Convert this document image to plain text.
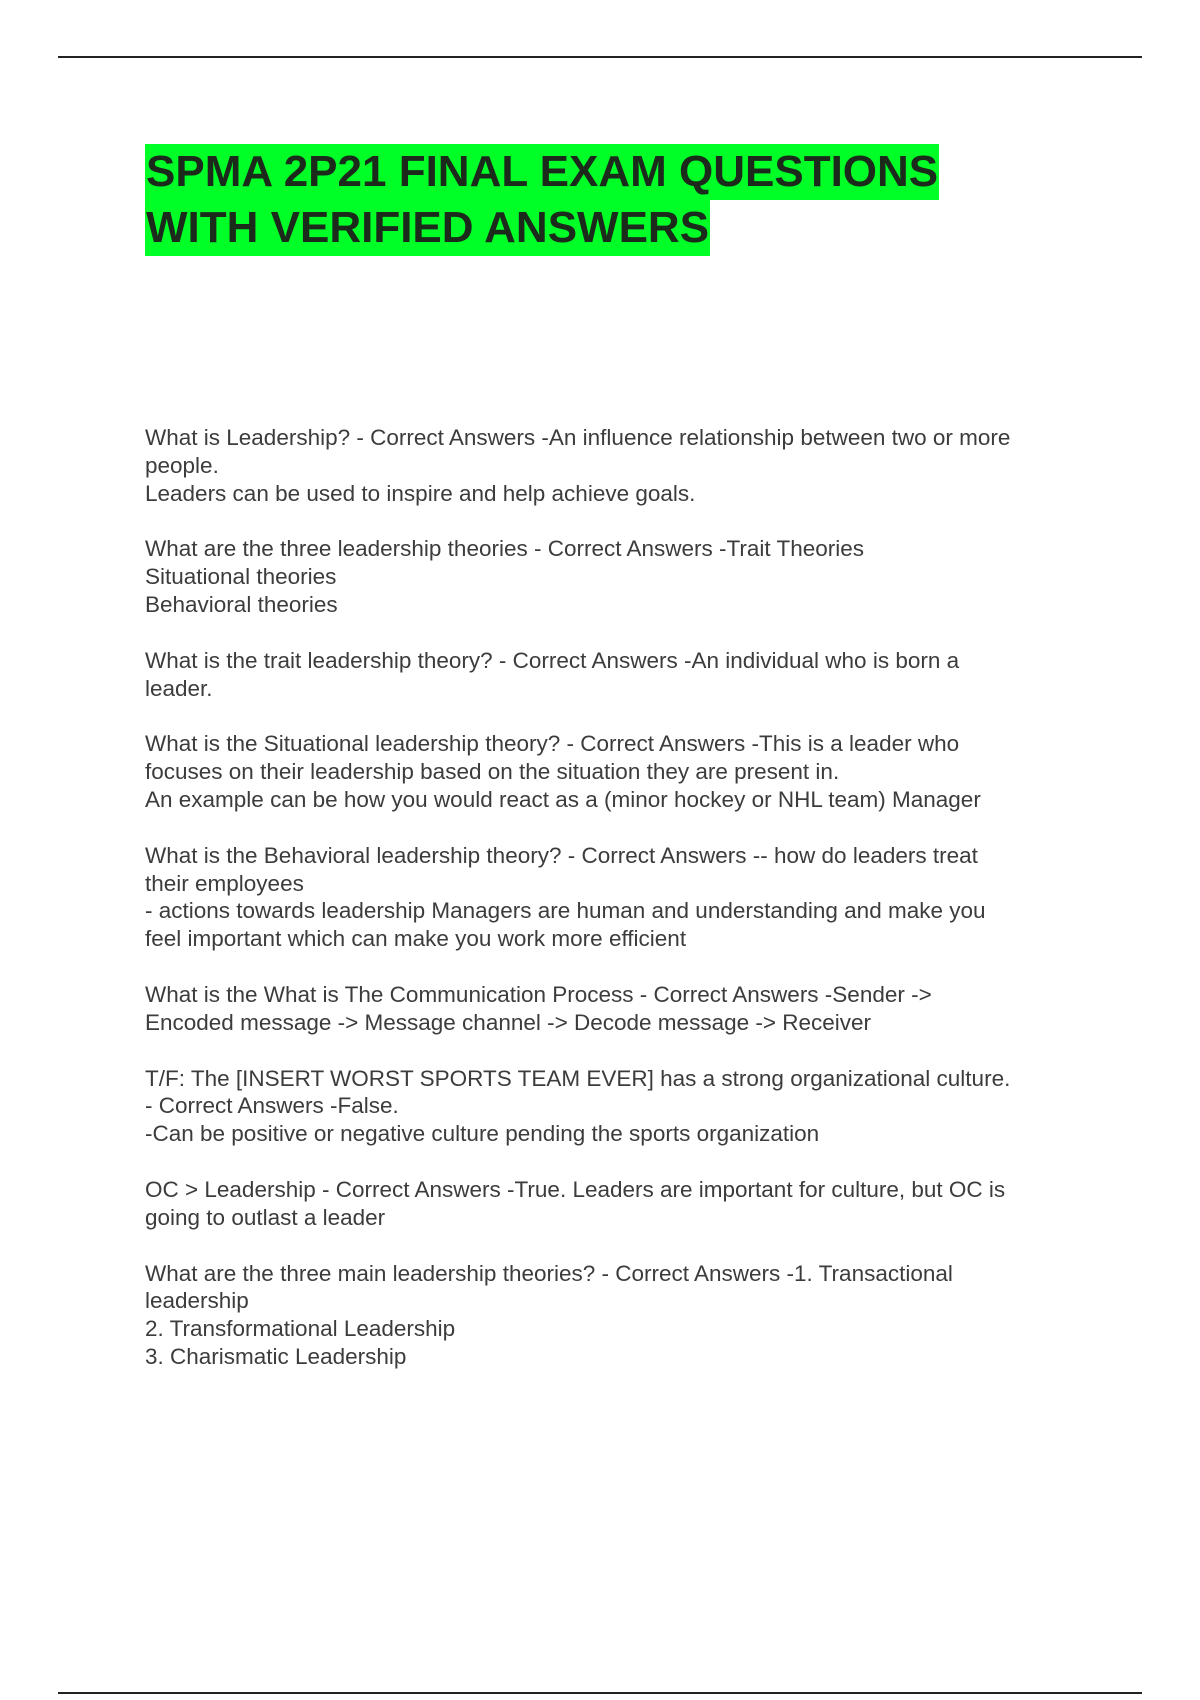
SPMA 2P21 FINAL EXAM QUESTIONS
WITH VERIFIED ANSWERS
What is Leadership? - Correct Answers -An influence relationship between two or more
people.
Leaders can be used to inspire and help achieve goals.
What are the three leadership theories - Correct Answers -Trait Theories
Situational theories
Behavioral theories
What is the trait leadership theory? - Correct Answers -An individual who is born a
leader.
What is the Situational leadership theory? - Correct Answers -This is a leader who
focuses on their leadership based on the situation they are present in.
An example can be how you would react as a (minor hockey or NHL team) Manager
What is the Behavioral leadership theory? - Correct Answers -- how do leaders treat
their employees
- actions towards leadership Managers are human and understanding and make you
feel important which can make you work more efficient
What is the What is The Communication Process - Correct Answers -Sender ->
Encoded message -> Message channel -> Decode message -> Receiver
T/F: The [INSERT WORST SPORTS TEAM EVER] has a strong organizational culture.
- Correct Answers -False.
-Can be positive or negative culture pending the sports organization
OC > Leadership - Correct Answers -True. Leaders are important for culture, but OC is
going to outlast a leader
What are the three main leadership theories? - Correct Answers -1. Transactional
leadership
2. Transformational Leadership
3. Charismatic Leadership
